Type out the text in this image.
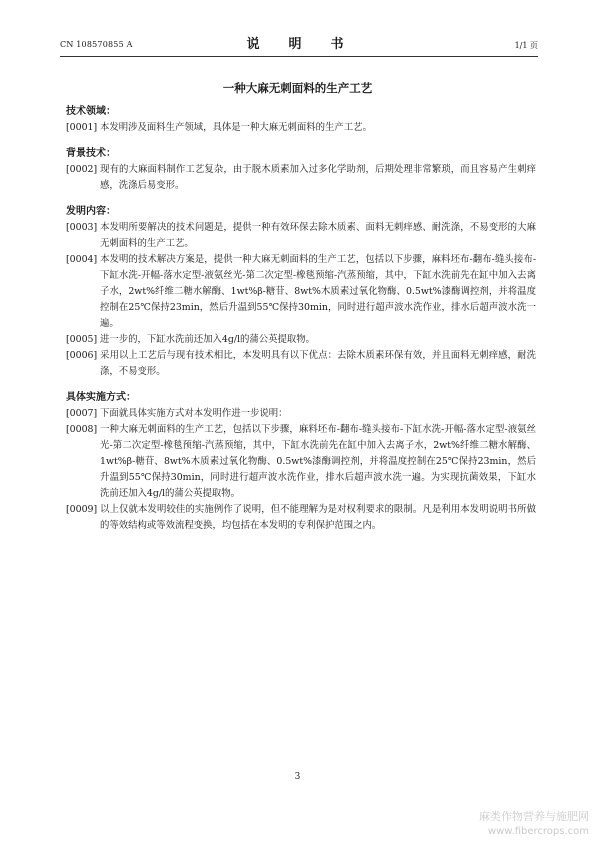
CN 108570855 A	说　明　书	1/1 页
一种大麻无刺面料的生产工艺
技术领域：

[0001] 本发明涉及面料生产领域，具体是一种大麻无刺面料的生产工艺。

背景技术：

[0002] 现有的大麻面料制作工艺复杂，由于脱木质素加入过多化学助剂，后期处理非常繁琐，而且容易产生刺痒感，洗涤后易变形。

发明内容：

[0003] 本发明所要解决的技术问题是，提供一种有效环保去除木质素、面料无刺痒感、耐洗涤，不易变形的大麻无刺面料的生产工艺。

[0004] 本发明的技术解决方案是，提供一种大麻无刺面料的生产工艺，包括以下步骤，麻料坯布-翻布-缝头接布-下缸水洗-开幅-落水定型-液氨丝光-第二次定型-橡毯预缩-汽蒸预缩，其中，下缸水洗前先在缸中加入去离子水，2wt%纤维二糖水解酶、1wt%β-糖苷、8wt%木质素过氧化物酶、0.5wt%漆酶调控剂，并将温度控制在25℃保持23min，然后升温到55℃保持30min，同时进行超声波水洗作业，排水后超声波水洗一遍。

[0005] 进一步的，下缸水洗前还加入4g/l的蒲公英提取物。

[0006] 采用以上工艺后与现有技术相比，本发明具有以下优点：去除木质素环保有效，并且面料无刺痒感，耐洗涤，不易变形。

具体实施方式：

[0007] 下面就具体实施方式对本发明作进一步说明：

[0008] 一种大麻无刺面料的生产工艺，包括以下步骤，麻料坯布-翻布-缝头接布-下缸水洗-开幅-落水定型-液氨丝光-第二次定型-橡毯预缩-汽蒸预缩，其中，下缸水洗前先在缸中加入去离子水，2wt%纤维二糖水解酶、1wt%β-糖苷、8wt%木质素过氧化物酶、0.5wt%漆酶调控剂，并将温度控制在25℃保持23min，然后升温到55℃保持30min，同时进行超声波水洗作业，排水后超声波水洗一遍。为实现抗菌效果，下缸水洗前还加入4g/l的蒲公英提取物。

[0009] 以上仅就本发明较佳的实施例作了说明，但不能理解为是对权利要求的限制。凡是利用本发明说明书所做的等效结构或等效流程变换，均包括在本发明的专利保护范围之内。

3
麻类作物营养与施肥网
www.fibercrops.com
